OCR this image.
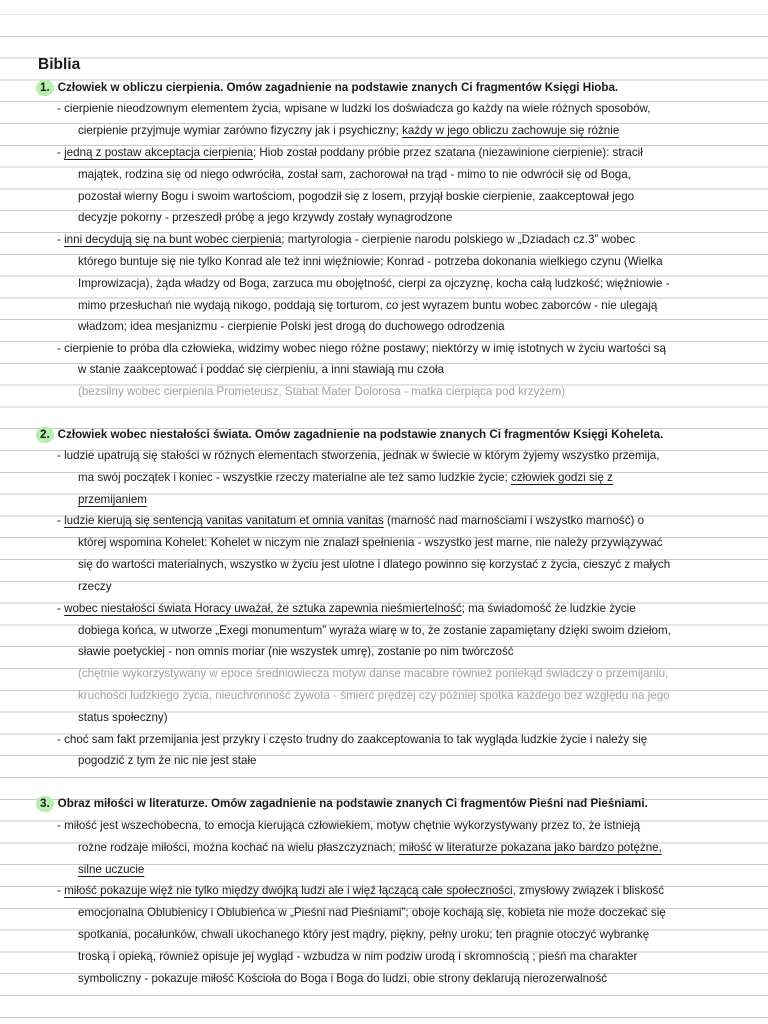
Biblia
1. Człowiek w obliczu cierpienia. Omów zagadnienie na podstawie znanych Ci fragmentów Księgi Hioba.
- cierpienie nieodzownym elementem życia, wpisane w ludzki los doświadcza go każdy na wiele różnych sposobów,
cierpienie przyjmuje wymiar zarówno fizyczny jak i psychiczny; każdy w jego obliczu zachowuje się różnie
- jedną z postaw akceptacja cierpienia; Hiob został poddany próbie przez szatana (niezawinione cierpienie): stracił
majątek, rodzina się od niego odwróciła, został sam, zachorował na trąd - mimo to nie odwrócił się od Boga,
pozostał wierny Bogu i swoim wartościom, pogodził się z losem, przyjął boskie cierpienie, zaakceptował jego
decyzje pokorny - przeszedł próbę a jego krzywdy zostały wynagrodzone
- inni decydują się na bunt wobec cierpienia; martyrologia - cierpienie narodu polskiego w „Dziadach cz.3” wobec
którego buntuje się nie tylko Konrad ale też inni więźniowie; Konrad - potrzeba dokonania wielkiego czynu (Wielka
Improwizacja), żąda władzy od Boga, zarzuca mu obojętność, cierpi za ojczyznę, kocha całą ludzkość; więźniowie -
mimo przesłuchań nie wydają nikogo, poddają się torturom, co jest wyrazem buntu wobec zaborców - nie ulegają
władzom; idea mesjanizmu - cierpienie Polski jest drogą do duchowego odrodzenia
- cierpienie to próba dla człowieka, widzimy wobec niego różne postawy; niektórzy w imię istotnych w życiu wartości są
w stanie zaakceptować i poddać się cierpieniu, a inni stawiają mu czoła
(bezsilny wobec cierpienia Prometeusz, Stabat Mater Dolorosa - matka cierpiąca pod krzyżem)
2. Człowiek wobec niestałości świata. Omów zagadnienie na podstawie znanych Ci fragmentów Księgi Koheleta.
- ludzie upatrują się stałości w różnych elementach stworzenia, jednak w świecie w którym żyjemy wszystko przemija,
ma swój początek i koniec - wszystkie rzeczy materialne ale też samo ludzkie życie; człowiek godzi się z
przemijaniem
- ludzie kierują się sentencją vanitas vanitatum et omnia vanitas (marność nad marnościami i wszystko marność) o
której wspomina Kohelet: Kohelet w niczym nie znalazł spełnienia - wszystko jest marne, nie należy przywiązywać
się do wartości materialnych, wszystko w życiu jest ulotne i dlatego powinno się korzystać z życia, cieszyć z małych
rzeczy
- wobec niestałości świata Horacy uważał, że sztuka zapewnia nieśmiertelność; ma świadomość że ludzkie życie
dobiega końca, w utworze „Exegi monumentum” wyraża wiarę w to, że zostanie zapamiętany dzięki swoim dziełom,
sławie poetyckiej - non omnis moriar (nie wszystek umrę), zostanie po nim twórczość
(chętnie wykorzystywany w epoce średniowiecza motyw danse macabre również poniekąd świadczy o przemijaniu,
kruchości ludzkiego życia, nieuchronność żywota - śmierć prędzej czy później spotka każdego bez względu na jego
status społeczny)
- choć sam fakt przemijania jest przykry i często trudny do zaakceptowania to tak wygląda ludzkie życie i należy się
pogodzić z tym że nic nie jest stałe
3. Obraz miłości w literaturze. Omów zagadnienie na podstawie znanych Ci fragmentów Pieśni nad Pieśniami.
- miłość jest wszechobecna, to emocja kierująca człowiekiem, motyw chętnie wykorzystywany przez to, że istnieją
rożne rodzaje miłości, można kochać na wielu płaszczyznach; miłość w literaturze pokazana jako bardzo potężne,
silne uczucie
- miłość pokazuje więź nie tylko między dwójką ludzi ale i więź łączącą całe społeczności, zmysłowy związek i bliskość
emocjonalna Oblubienicy i Oblubieńca w „Pieśni nad Pieśniami”; oboje kochają się, kobieta nie może doczekać się
spotkania, pocałunków, chwali ukochanego który jest mądry, piękny, pełny uroku; ten pragnie otoczyć wybrankę
troską i opieką, również opisuje jej wygląd - wzbudza w nim podziw urodą i skromnością ; pieśń ma charakter
symboliczny - pokazuje miłość Kościoła do Boga i Boga do ludzi, obie strony deklarują nierozerwalność
